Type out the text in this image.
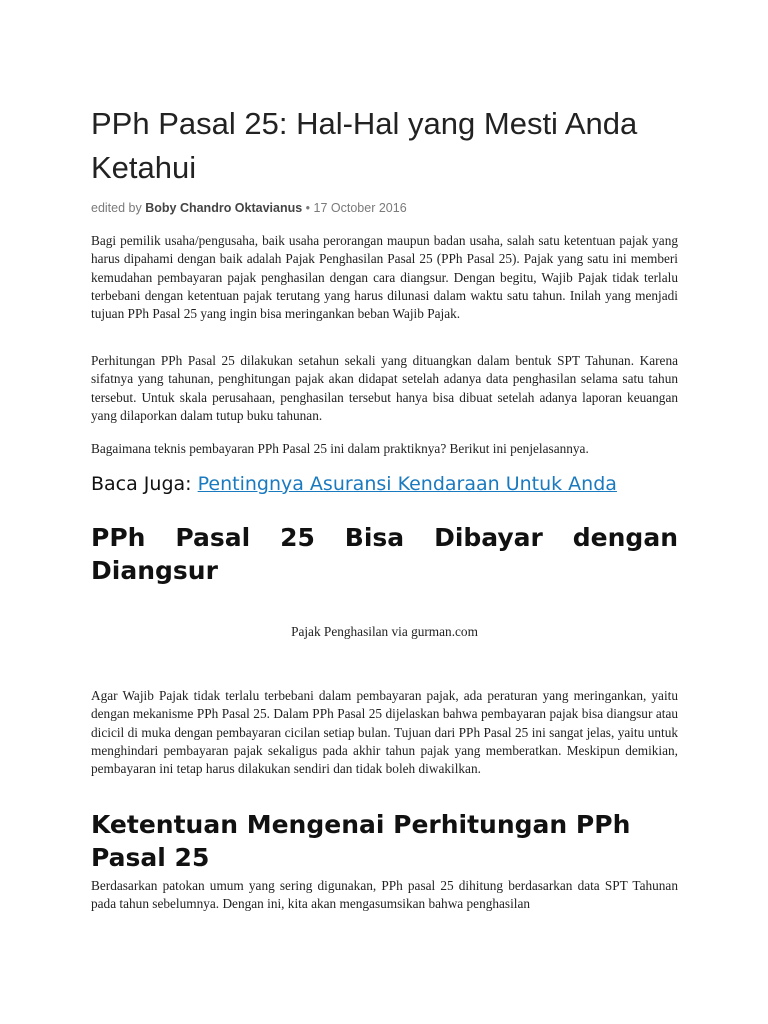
PPh Pasal 25: Hal-Hal yang Mesti Anda Ketahui
edited by Boby Chandro Oktavianus • 17 October 2016

Bagi pemilik usaha/pengusaha, baik usaha perorangan maupun badan usaha, salah satu ketentuan pajak yang harus dipahami dengan baik adalah Pajak Penghasilan Pasal 25 (PPh Pasal 25). Pajak yang satu ini memberi kemudahan pembayaran pajak penghasilan dengan cara diangsur. Dengan begitu, Wajib Pajak tidak terlalu terbebani dengan ketentuan pajak terutang yang harus dilunasi dalam waktu satu tahun. Inilah yang menjadi tujuan PPh Pasal 25 yang ingin bisa meringankan beban Wajib Pajak.

Perhitungan PPh Pasal 25 dilakukan setahun sekali yang dituangkan dalam bentuk SPT Tahunan. Karena sifatnya yang tahunan, penghitungan pajak akan didapat setelah adanya data penghasilan selama satu tahun tersebut. Untuk skala perusahaan, penghasilan tersebut hanya bisa dibuat setelah adanya laporan keuangan yang dilaporkan dalam tutup buku tahunan.

Bagaimana teknis pembayaran PPh Pasal 25 ini dalam praktiknya? Berikut ini penjelasannya.

Baca Juga: Pentingnya Asuransi Kendaraan Untuk Anda
PPh Pasal 25 Bisa Dibayar dengan Diangsur
Pajak Penghasilan via gurman.com

Agar Wajib Pajak tidak terlalu terbebani dalam pembayaran pajak, ada peraturan yang meringankan, yaitu dengan mekanisme PPh Pasal 25. Dalam PPh Pasal 25 dijelaskan bahwa pembayaran pajak bisa diangsur atau dicicil di muka dengan pembayaran cicilan setiap bulan. Tujuan dari PPh Pasal 25 ini sangat jelas, yaitu untuk menghindari pembayaran pajak sekaligus pada akhir tahun pajak yang memberatkan. Meskipun demikian, pembayaran ini tetap harus dilakukan sendiri dan tidak boleh diwakilkan.

Ketentuan Mengenai Perhitungan PPh Pasal 25

Berdasarkan patokan umum yang sering digunakan, PPh pasal 25 dihitung berdasarkan data SPT Tahunan pada tahun sebelumnya. Dengan ini, kita akan mengasumsikan bahwa penghasilan
